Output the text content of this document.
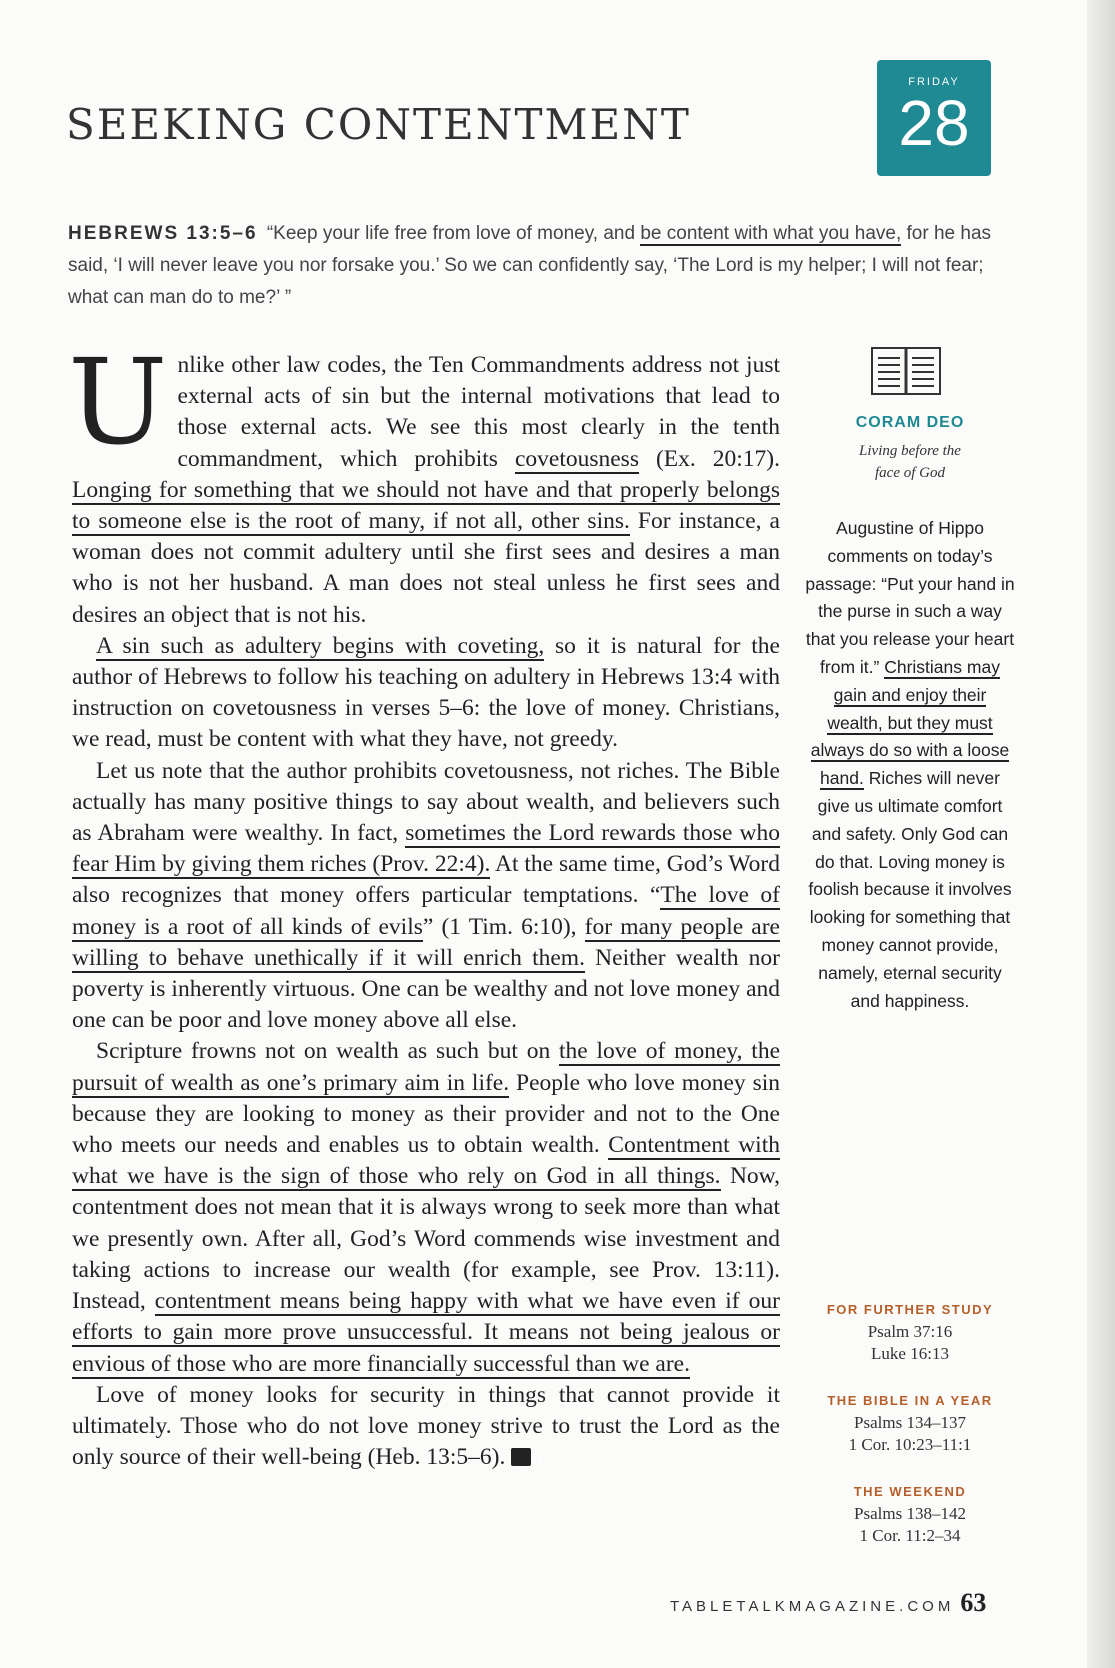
SEEKING CONTENTMENT
FRIDAY
28
HEBREWS 13:5–6 “Keep your life free from love of money, and be content with what you have, for he has said, ‘I will never leave you nor forsake you.’ So we can confidently say, ‘The Lord is my helper; I will not fear; what can man do to me?’ ”

Unlike other law codes, the Ten Commandments address not just external acts of sin but the internal motivations that lead to those external acts. We see this most clearly in the tenth commandment, which prohibits covetousness (Ex. 20:17). Longing for something that we should not have and that properly belongs to someone else is the root of many, if not all, other sins. For instance, a woman does not commit adultery until she first sees and desires a man who is not her husband. A man does not steal unless he first sees and desires an object that is not his.

A sin such as adultery begins with coveting, so it is natural for the author of Hebrews to follow his teaching on adultery in Hebrews 13:4 with instruction on covetousness in verses 5–6: the love of money. Christians, we read, must be content with what they have, not greedy.

Let us note that the author prohibits covetousness, not riches. The Bible actually has many positive things to say about wealth, and believers such as Abraham were wealthy. In fact, sometimes the Lord rewards those who fear Him by giving them riches (Prov. 22:4). At the same time, God’s Word also recognizes that money offers particular temptations. “The love of money is a root of all kinds of evils” (1 Tim. 6:10), for many people are willing to behave unethically if it will enrich them. Neither wealth nor poverty is inherently virtuous. One can be wealthy and not love money and one can be poor and love money above all else.

Scripture frowns not on wealth as such but on the love of money, the pursuit of wealth as one’s primary aim in life. People who love money sin because they are looking to money as their provider and not to the One who meets our needs and enables us to obtain wealth. Contentment with what we have is the sign of those who rely on God in all things. Now, contentment does not mean that it is always wrong to seek more than what we presently own. After all, God’s Word commends wise investment and taking actions to increase our wealth (for example, see Prov. 13:11). Instead, contentment means being happy with what we have even if our efforts to gain more prove unsuccessful. It means not being jealous or envious of those who are more financially successful than we are.

Love of money looks for security in things that cannot provide it ultimately. Those who do not love money strive to trust the Lord as the only source of their well-being (Heb. 13:5–6). T

CORAM DEO
Living before the
face of God
Augustine of Hippo comments on today’s passage: “Put your hand in the purse in such a way that you release your heart from it.” Christians may gain and enjoy their wealth, but they must always do so with a loose hand. Riches will never give us ultimate comfort and safety. Only God can do that. Loving money is foolish because it involves looking for something that money cannot provide, namely, eternal security and happiness.
FOR FURTHER STUDY
Psalm 37:16
Luke 16:13
THE BIBLE IN A YEAR
Psalms 134–137
1 Cor. 10:23–11:1
THE WEEKEND
Psalms 138–142
1 Cor. 11:2–34
TABLETALKMAGAZINE.COM 63
